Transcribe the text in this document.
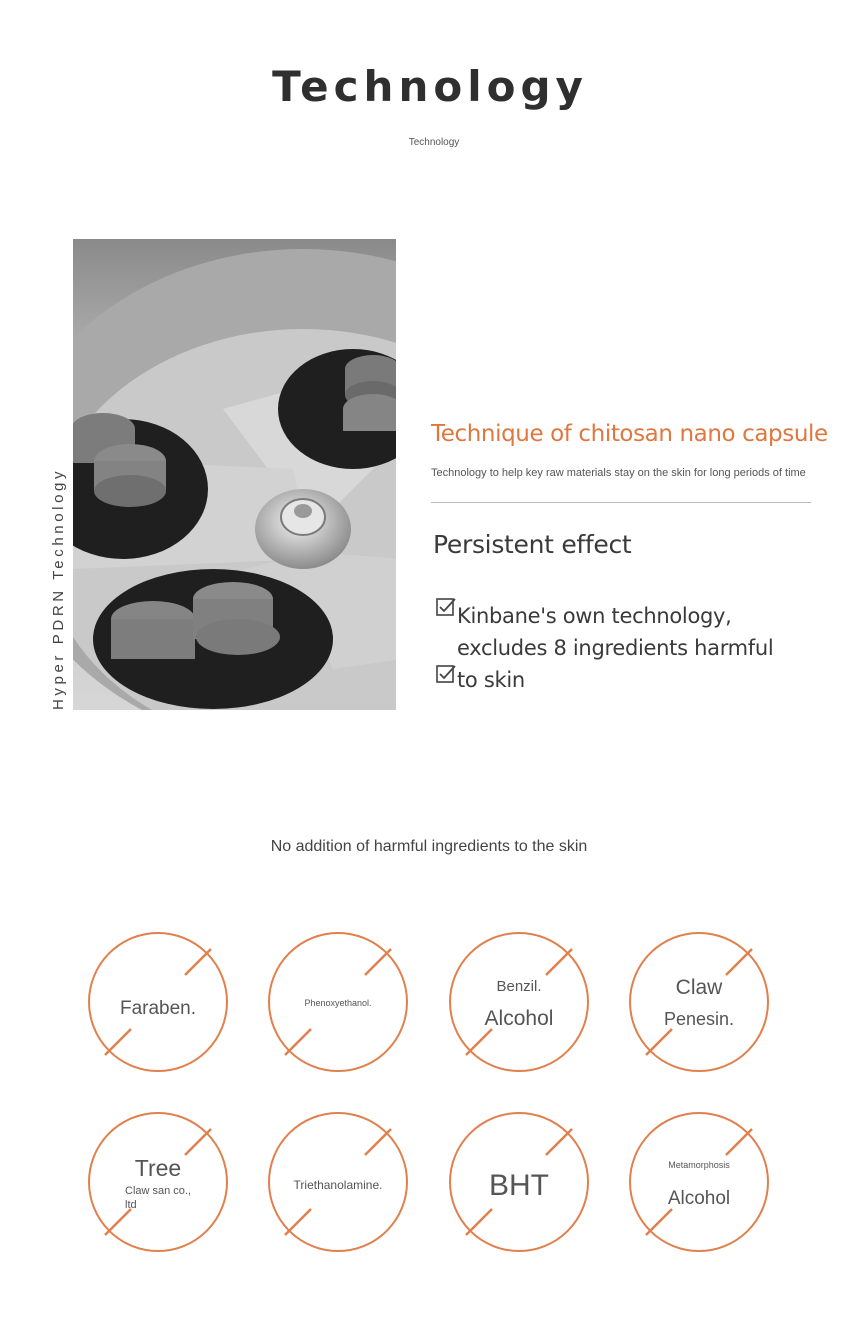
Technology
Technology
Hyper PDRN Technology
Technique of chitosan nano capsule
Technology to help key raw materials stay on the skin for long periods of time
Persistent effect
Kinbane's own technology,
excludes 8 ingredients harmful
to skin
No addition of harmful ingredients to the skin
Faraben.	Phenoxyethanol.
Benzil.
Alcohol
Claw
Penesin.
Tree
Claw san co.,
ltd
Triethanolamine.	BHT
Metamorphosis
Alcohol
